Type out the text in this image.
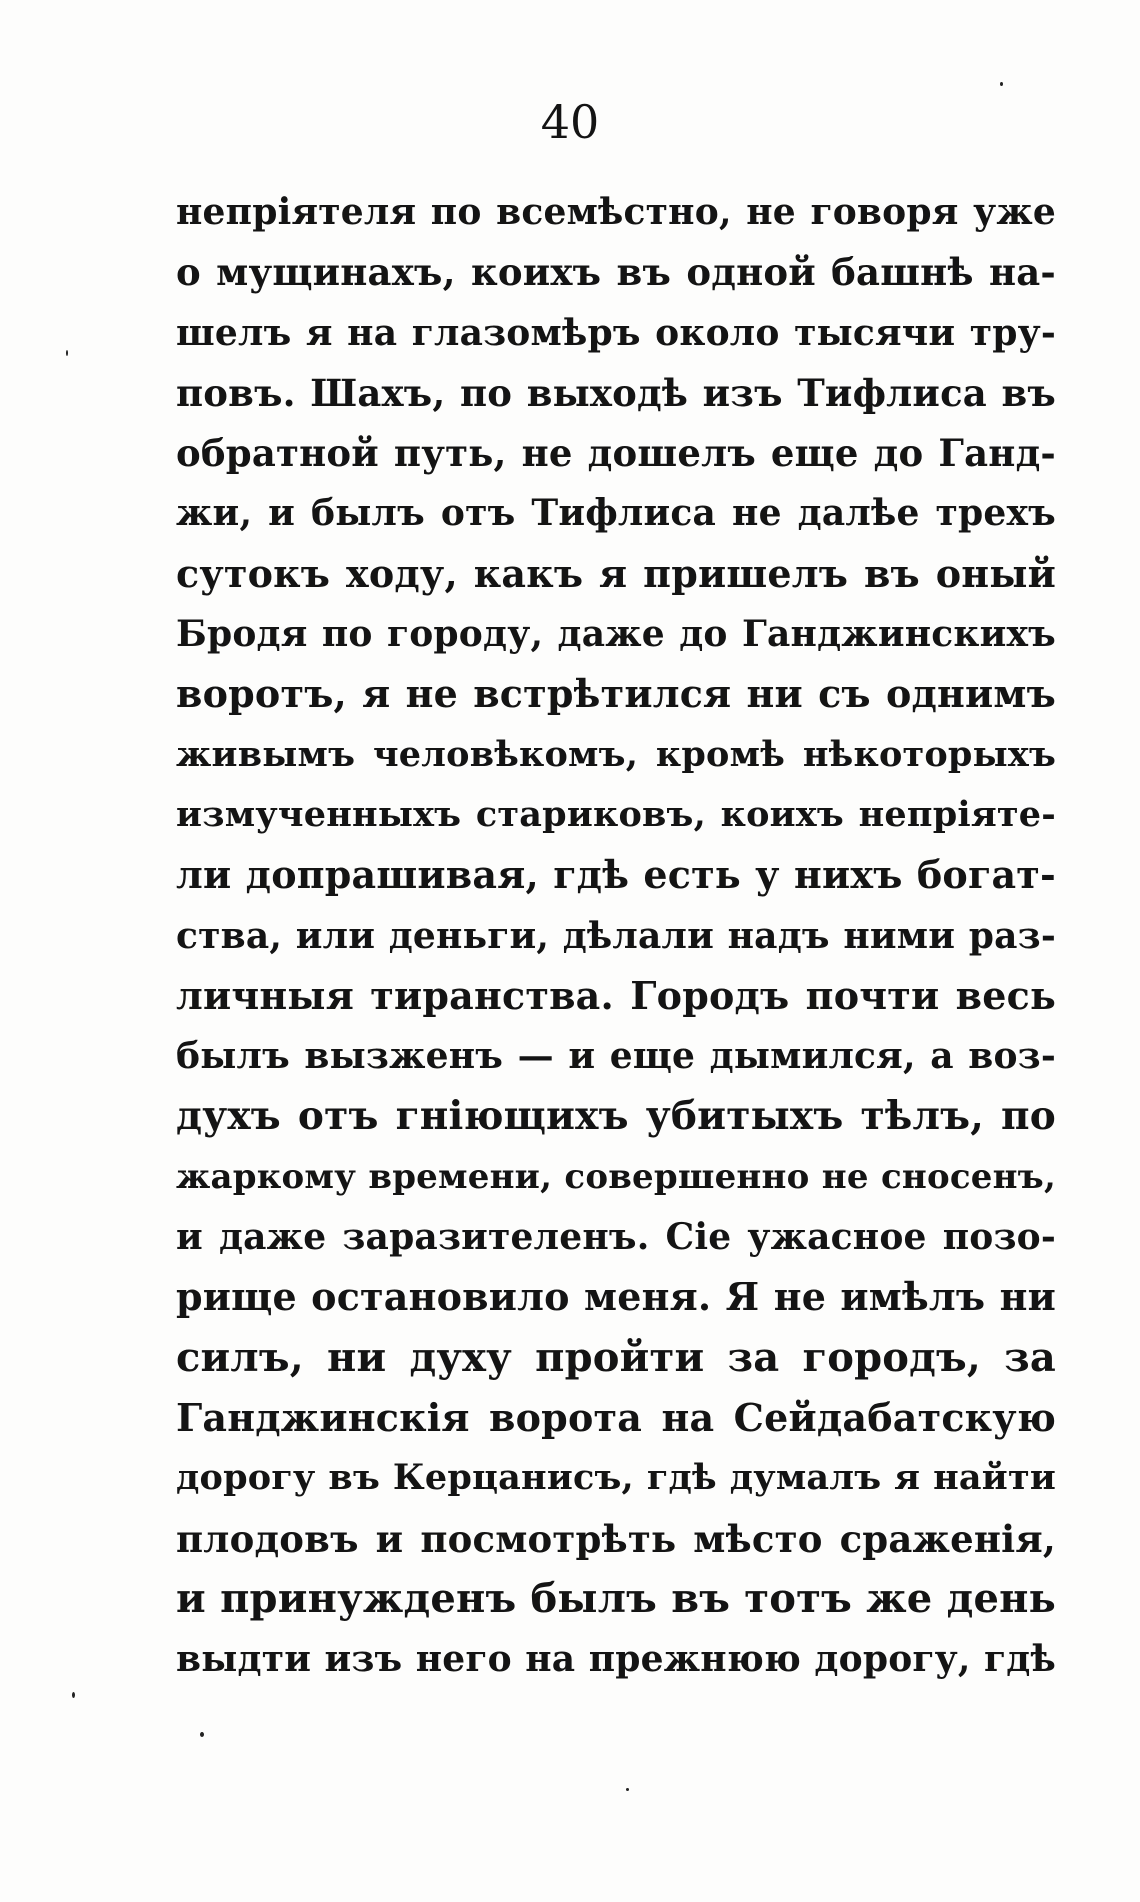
40
непріятеля по всемѣстно, не говоря уже
о мущинахъ, коихъ въ одной башнѣ на-
шелъ я на глазомѣръ около тысячи тру-
повъ. Шахъ, по выходѣ изъ Тифлиса въ
обратной путь, не дошелъ еще до Ганд-
жи, и былъ отъ Тифлиса не далѣе трехъ
сутокъ ходу, какъ я пришелъ въ оный
Бродя по городу, даже до Ганджинскихъ
воротъ, я не встрѣтился ни съ однимъ
живымъ человѣкомъ, кромѣ нѣкоторыхъ
измученныхъ стариковъ, коихъ непріяте-
ли допрашивая, гдѣ есть у нихъ богат-
ства, или деньги, дѣлали надъ ними раз-
личныя тиранства. Городъ почти весь
былъ вызженъ — и еще дымился, а воз-
духъ отъ гніющихъ убитыхъ тѣлъ, по
жаркому времени, совершенно не сносенъ,
и даже заразителенъ. Сіе ужасное позо-
рище остановило меня. Я не имѣлъ ни
силъ, ни духу пройти за городъ, за
Ганджинскія ворота на Сейдабатскую
дорогу въ Керцанисъ, гдѣ думалъ я найти
плодовъ и посмотрѣть мѣсто сраженія,
и принужденъ былъ въ тотъ же день
выдти изъ него на прежнюю дорогу, гдѣ
